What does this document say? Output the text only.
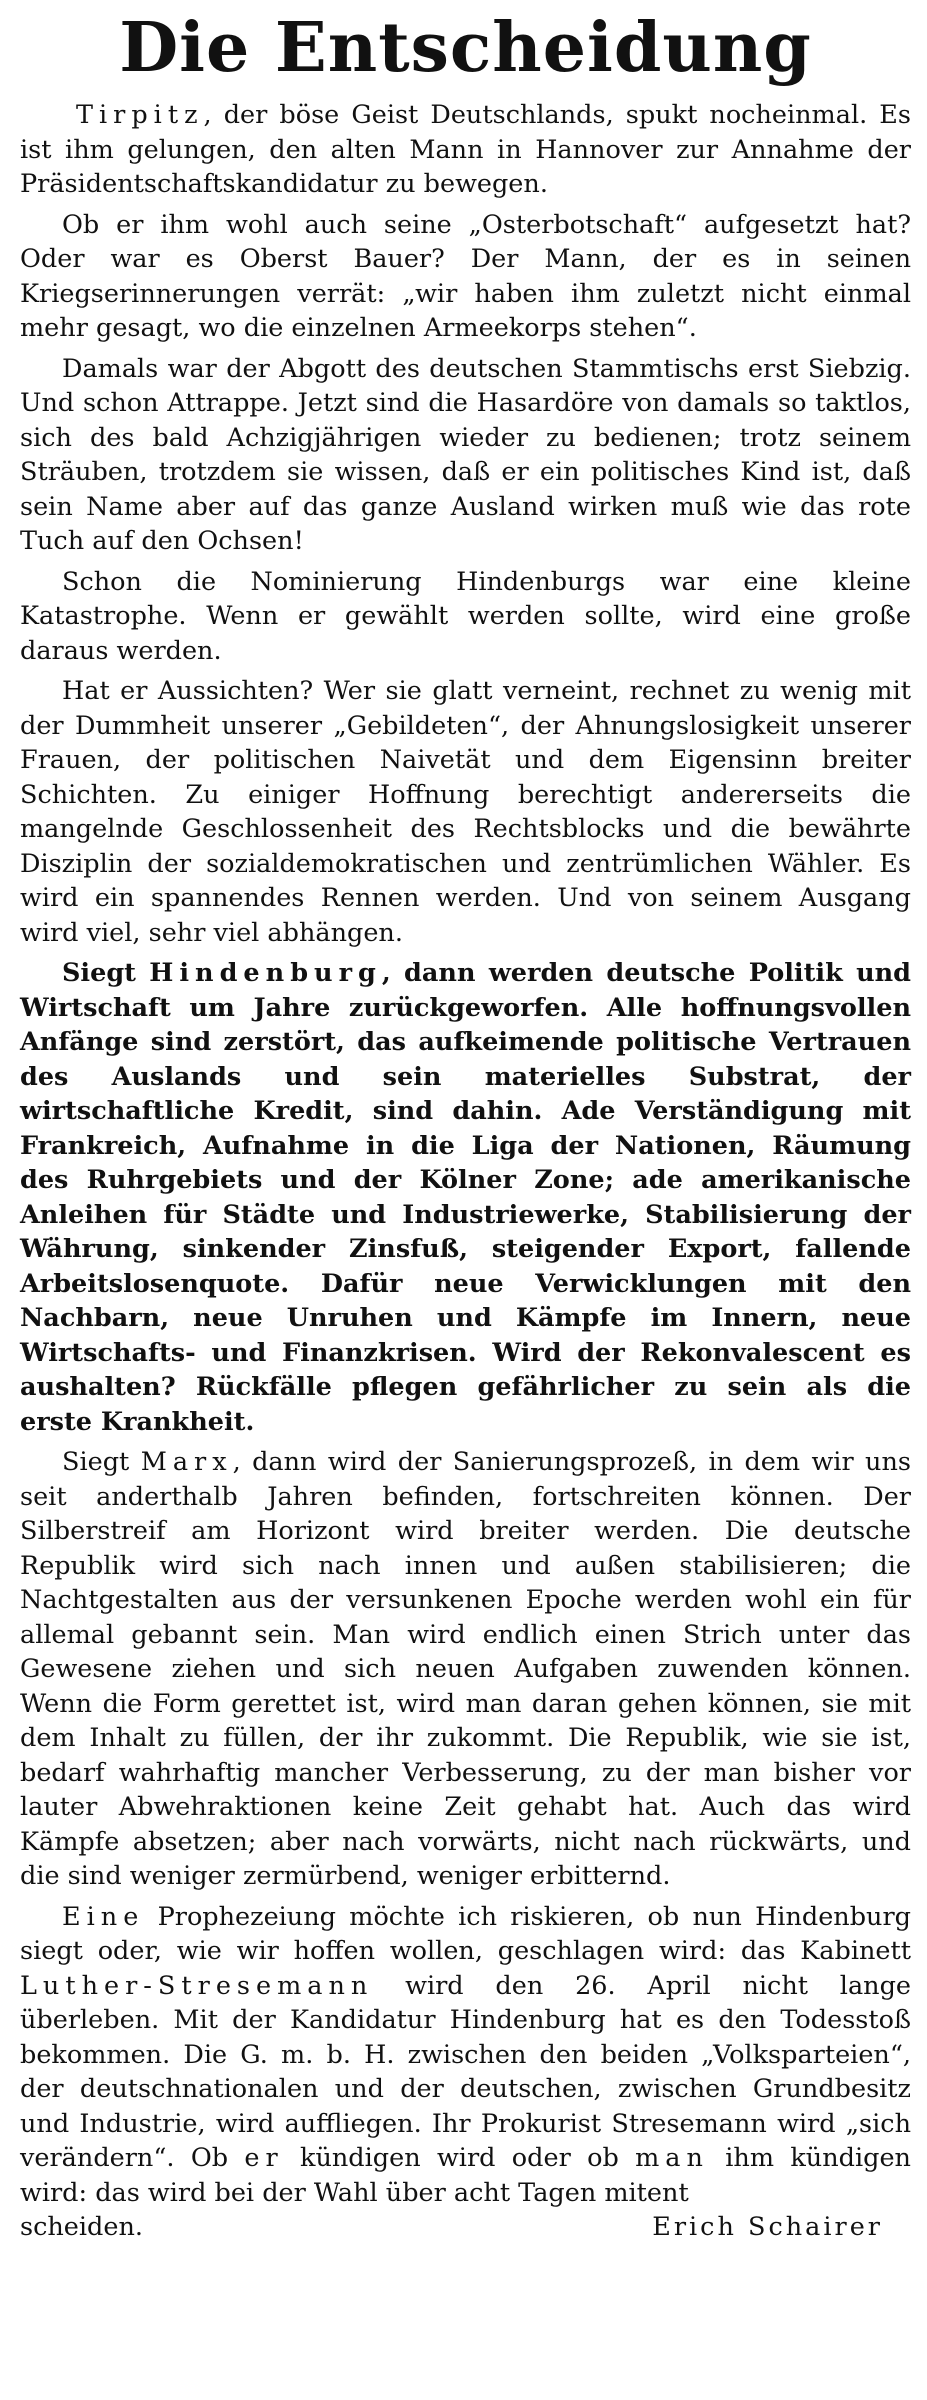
Die Entscheidung

Tirpitz, der böse Geist Deutschlands, spukt nocheinmal. Es ist ihm gelungen, den alten Mann in Hannover zur Annahme der Präsidentschaftskandidatur zu bewegen.

Ob er ihm wohl auch seine „Osterbotschaft“ aufgesetzt hat? Oder war es Oberst Bauer? Der Mann, der es in seinen Kriegserinnerungen verrät: „wir haben ihm zuletzt nicht einmal mehr gesagt, wo die einzelnen Armeekorps stehen“.

Damals war der Abgott des deutschen Stammtischs erst Siebzig. Und schon Attrappe. Jetzt sind die Hasardöre von damals so taktlos, sich des bald Achzigjährigen wieder zu bedienen; trotz seinem Sträuben, trotzdem sie wissen, daß er ein politisches Kind ist, daß sein Name aber auf das ganze Ausland wirken muß wie das rote Tuch auf den Ochsen!

Schon die Nominierung Hindenburgs war eine kleine Katastrophe. Wenn er gewählt werden sollte, wird eine große daraus werden.

Hat er Aussichten? Wer sie glatt verneint, rechnet zu wenig mit der Dummheit unserer „Gebildeten“, der Ahnungslosigkeit unserer Frauen, der politischen Naivetät und dem Eigensinn breiter Schichten. Zu einiger Hoffnung berechtigt andererseits die mangelnde Geschlossenheit des Rechtsblocks und die bewährte Disziplin der sozialdemokratischen und zentrümlichen Wähler. Es wird ein spannendes Rennen werden. Und von seinem Ausgang wird viel, sehr viel abhängen.

Siegt Hindenburg, dann werden deutsche Politik und Wirtschaft um Jahre zurückgeworfen. Alle hoffnungsvollen Anfänge sind zerstört, das aufkeimende politische Vertrauen des Auslands und sein materielles Substrat, der wirtschaftliche Kredit, sind dahin. Ade Verständigung mit Frankreich, Aufnahme in die Liga der Nationen, Räumung des Ruhrgebiets und der Kölner Zone; ade amerikanische Anleihen für Städte und Industriewerke, Stabilisierung der Währung, sinkender Zinsfuß, steigender Export, fallende Arbeitslosenquote. Dafür neue Verwicklungen mit den Nachbarn, neue Unruhen und Kämpfe im Innern, neue Wirtschafts- und Finanzkrisen. Wird der Rekonvalescent es aushalten? Rückfälle pflegen gefährlicher zu sein als die erste Krankheit.

Siegt Marx, dann wird der Sanierungsprozeß, in dem wir uns seit anderthalb Jahren befinden, fortschreiten können. Der Silberstreif am Horizont wird breiter werden. Die deutsche Republik wird sich nach innen und außen stabilisieren; die Nachtgestalten aus der versunkenen Epoche werden wohl ein für allemal gebannt sein. Man wird endlich einen Strich unter das Gewesene ziehen und sich neuen Aufgaben zuwenden können. Wenn die Form gerettet ist, wird man daran gehen können, sie mit dem Inhalt zu füllen, der ihr zukommt. Die Republik, wie sie ist, bedarf wahrhaftig mancher Verbesserung, zu der man bisher vor lauter Abwehraktionen keine Zeit gehabt hat. Auch das wird Kämpfe absetzen; aber nach vorwärts, nicht nach rückwärts, und die sind weniger zermürbend, weniger erbitternd.

Eine Prophezeiung möchte ich riskieren, ob nun Hindenburg siegt oder, wie wir hoffen wollen, geschlagen wird: das Kabinett Luther-Stresemann wird den 26. April nicht lange überleben. Mit der Kandidatur Hindenburg hat es den Todesstoß bekommen. Die G. m. b. H. zwischen den beiden „Volksparteien“, der deutschnationalen und der deutschen, zwischen Grundbesitz und Industrie, wird auffliegen. Ihr Prokurist Stresemann wird „sich verändern“. Ob er kündigen wird oder ob man ihm kündigen wird: das wird bei der Wahl über acht Tagen mitent

scheiden.	Erich Schairer
